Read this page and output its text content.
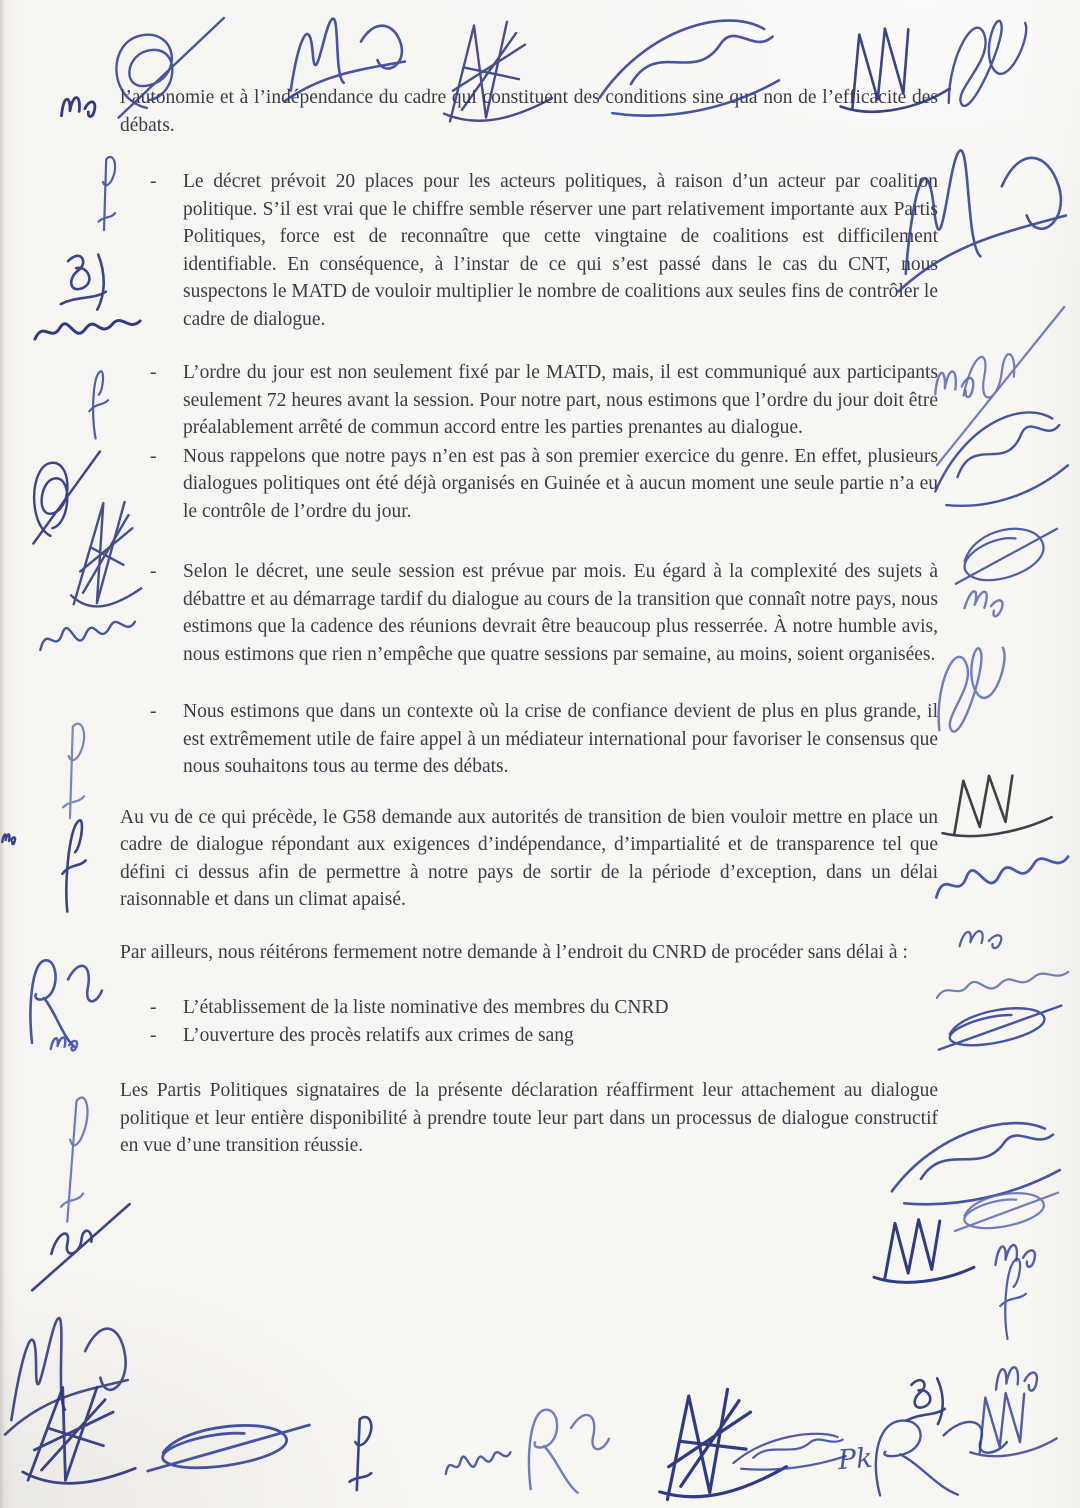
l’autonomie et à l’indépendance du cadre qui constituent des conditions sine qua non de l’efficacité des débats.

-

Le décret prévoit 20 places pour les acteurs politiques, à raison d’un acteur par coalition politique. S’il est vrai que le chiffre semble réserver une part relativement importante aux Partis Politiques, force est de reconnaître que cette vingtaine de coalitions est difficilement identifiable. En conséquence, à l’instar de ce qui s’est passé dans le cas du CNT, nous suspectons le MATD de vouloir multiplier le nombre de coalitions aux seules fins de contrôler le cadre de dialogue.

-

L’ordre du jour est non seulement fixé par le MATD, mais, il est communiqué aux participants seulement 72 heures avant la session. Pour notre part, nous estimons que l’ordre du jour doit être préalablement arrêté de commun accord entre les parties prenantes au dialogue.

-

Nous rappelons que notre pays n’en est pas à son premier exercice du genre. En effet, plusieurs dialogues politiques ont été déjà organisés en Guinée et à aucun moment une seule partie n’a eu le contrôle de l’ordre du jour.

-

Selon le décret, une seule session est prévue par mois. Eu égard à la complexité des sujets à débattre et au démarrage tardif du dialogue au cours de la transition que connaît notre pays, nous estimons que la cadence des réunions devrait être beaucoup plus resserrée. À notre humble avis, nous estimons que rien n’empêche que quatre sessions par semaine, au moins, soient organisées.

-

Nous estimons que dans un contexte où la crise de confiance devient de plus en plus grande, il est extrêmement utile de faire appel à un médiateur international pour favoriser le consensus que nous souhaitons tous au terme des débats.

Au vu de ce qui précède, le G58 demande aux autorités de transition de bien vouloir mettre en place un cadre de dialogue répondant aux exigences d’indépendance, d’impartialité et de transparence tel que défini ci dessus afin de permettre à notre pays de sortir de la période d’exception, dans un délai raisonnable et dans un climat apaisé.

Par ailleurs, nous réitérons fermement notre demande à l’endroit du CNRD de procéder sans délai à :

-

L’établissement de la liste nominative des membres du CNRD

-

L’ouverture des procès relatifs aux crimes de sang

Les Partis Politiques signataires de la présente déclaration réaffirment leur attachement au dialogue politique et leur entière disponibilité à prendre toute leur part dans un processus de dialogue constructif en vue d’une transition réussie.

Pk
